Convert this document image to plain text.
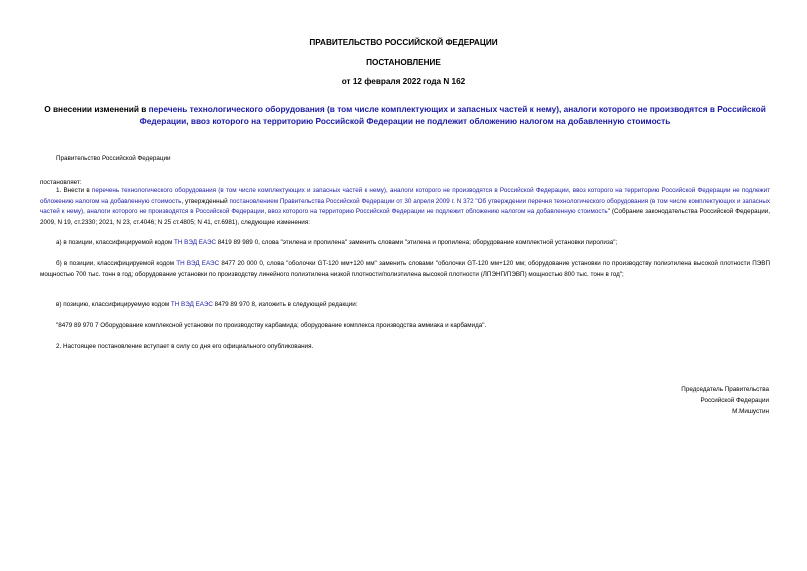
ПРАВИТЕЛЬСТВО РОССИЙСКОЙ ФЕДЕРАЦИИ
ПОСТАНОВЛЕНИЕ
от 12 февраля 2022 года N 162
О внесении изменений в перечень технологического оборудования (в том числе комплектующих и запасных частей к нему), аналоги которого не производятся в Российской Федерации, ввоз которого на территорию Российской Федерации не подлежит обложению налогом на добавленную стоимость
Правительство Российской Федерации
постановляет:
1. Внести в перечень технологического оборудования (в том числе комплектующих и запасных частей к нему), аналоги которого не производятся в Российской Федерации, ввоз которого на территорию Российской Федерации не подлежит обложению налогом на добавленную стоимость, утвержденный постановлением Правительства Российской Федерации от 30 апреля 2009 г. N 372 "Об утверждении перечня технологического оборудования (в том числе комплектующих и запасных частей к нему), аналоги которого не производятся в Российской Федерации, ввоз которого на территорию Российской Федерации не подлежит обложению налогом на добавленную стоимость" (Собрание законодательства Российской Федерации, 2009, N 19, ст.2330; 2021, N 23, ст.4046; N 25 ст.4805; N 41, ст.6981), следующие изменения:
а) в позиции, классифицируемой кодом ТН ВЭД ЕАЭС 8419 89 989 0, слова "этилена и пропилена" заменить словами "этилена и пропилена; оборудование комплектной установки пиролиза";
б) в позиции, классифицируемой кодом ТН ВЭД ЕАЭС 8477 20 000 0, слова "оболочки GT-120 мм+120 мм" заменить словами "оболочки GT-120 мм+120 мм; оборудование установки по производству полиэтилена высокой плотности ПЭВП мощностью 700 тыс. тонн в год; оборудование установки по производству линейного полиэтилена низкой плотности/полиэтилена высокой плотности (ЛПЭНП/ПЭВП) мощностью 800 тыс. тонн в год";
в) позицию, классифицируемую кодом ТН ВЭД ЕАЭС 8479 89 970 8, изложить в следующей редакции:
"8479 89 970 7 Оборудование комплексной установки по производству карбамида; оборудование комплекса производства аммиака и карбамида".
2. Настоящее постановление вступает в силу со дня его официального опубликования.
Председатель Правительства
Российской Федерации
М.Мишустин
